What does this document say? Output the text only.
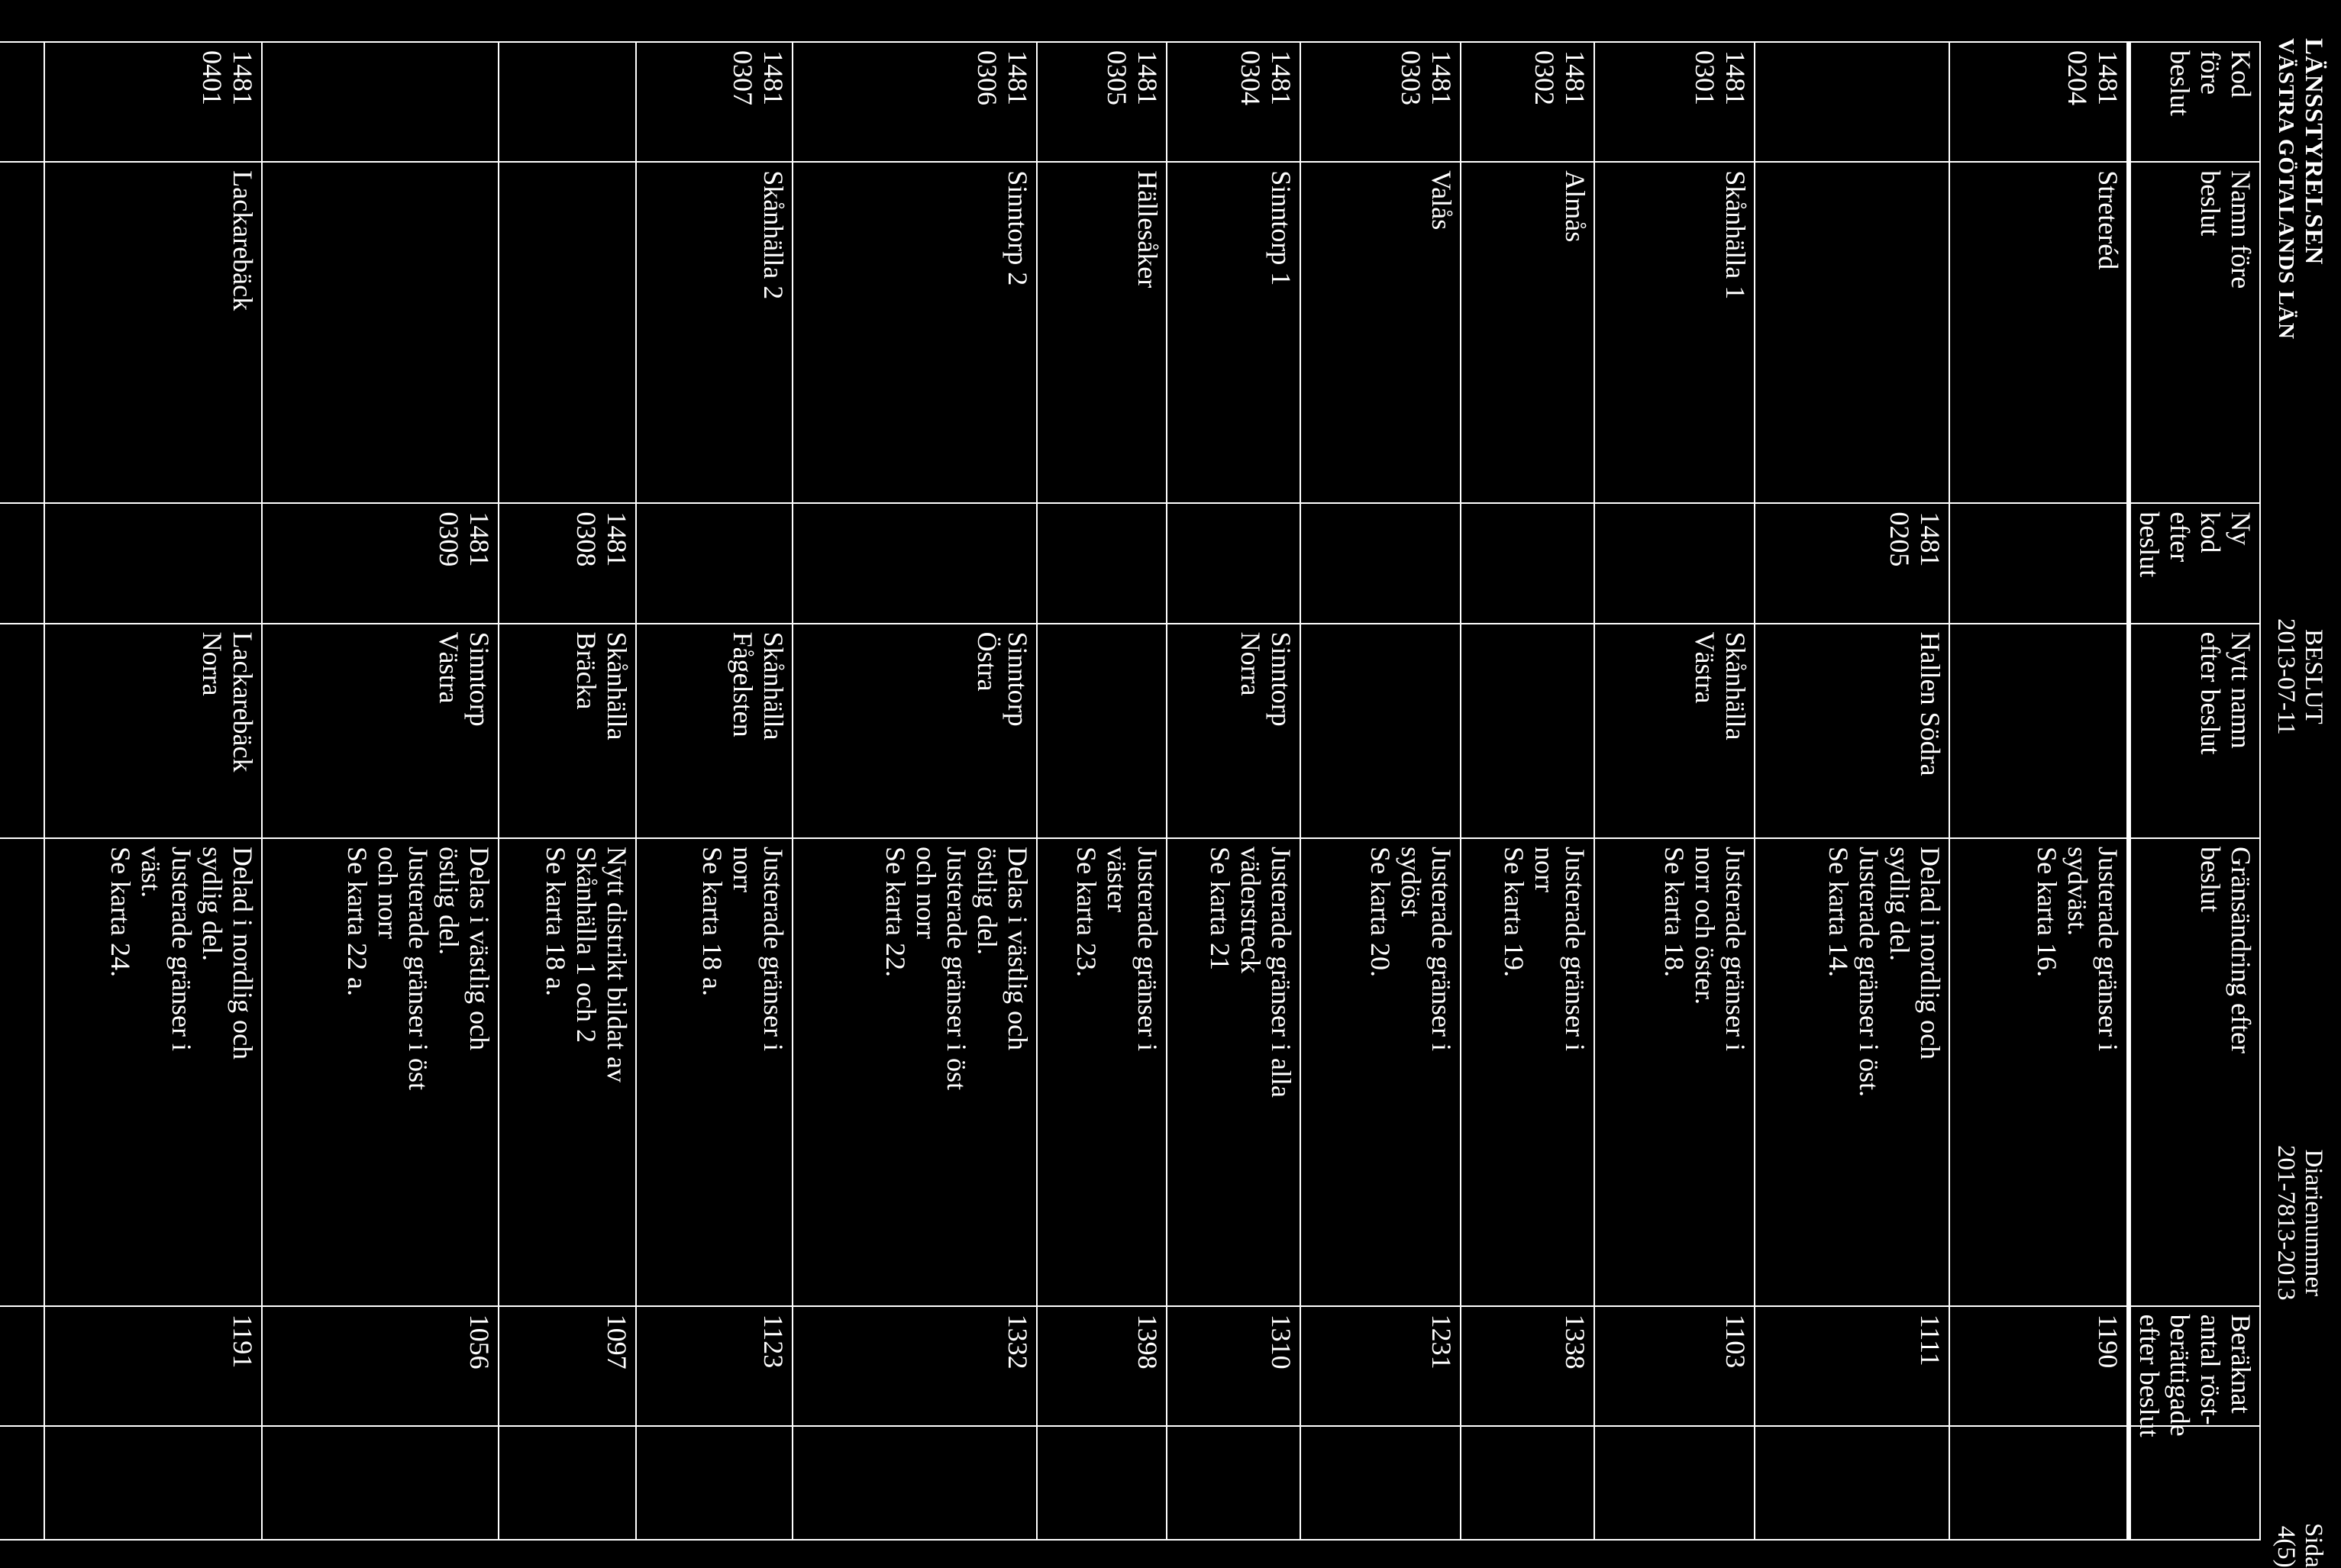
LÄNSSTYRELSEN
VÄSTRA GÖTALANDS LÄN
BESLUT
2013-07-11
Diarienummer
201-7813-2013
Sida
4(5)
Kod
före
beslut	Namn före
beslut	Ny
kod
efter
beslut	Nytt namn
efter beslut	Gränsändring efter
beslut	Beräknat
antal röst-
berättigade
efter beslut	

1481
0204	Streteréd			Justerade gränser i
sydväst.
Se karta 16.	1190	

		1481
0205	Hallen Södra	Delad i nordlig och
sydlig del.
Justerade gränser i öst.
Se karta 14.	1111	

1481
0301	Skånhälla 1		Skånhälla
Västra	Justerade gränser i
norr och öster.
Se karta 18.	1103	

1481
0302	Almås			Justerade gränser i
norr
Se karta 19.	1338	

1481
0303	Valås			Justerade gränser i
sydöst
Se karta 20.	1231	

1481
0304	Sinntorp 1		Sinntorp
Norra	Justerade gränser i alla
väderstreck
Se karta 21	1310	

1481
0305	Hällesåker			Justerade gränser i
väster
Se karta 23.	1398	

1481
0306	Sinntorp 2		Sinntorp
Östra	Delas i västlig och
östlig del.
Justerade gränser i öst
och norr
Se karta 22.	1332	

1481
0307	Skånhälla 2		Skånhälla
Fågelsten	Justerade gränser i
norr
Se karta 18 a.	1123	

		1481
0308	Skånhälla
Bräcka	Nytt distrikt bildat av
Skånhälla 1 och 2
Se karta 18 a.	1097	

		1481
0309	Sinntorp
Västra	Delas i västlig och
östlig del.
Justerade gränser i öst
och norr
Se karta 22 a.	1056	

1481
0401	Lackarebäck		Lackarebäck
Norra	Delad i nordlig och
sydlig del.
Justerade gränser i
väst.
Se karta 24.	1191	
